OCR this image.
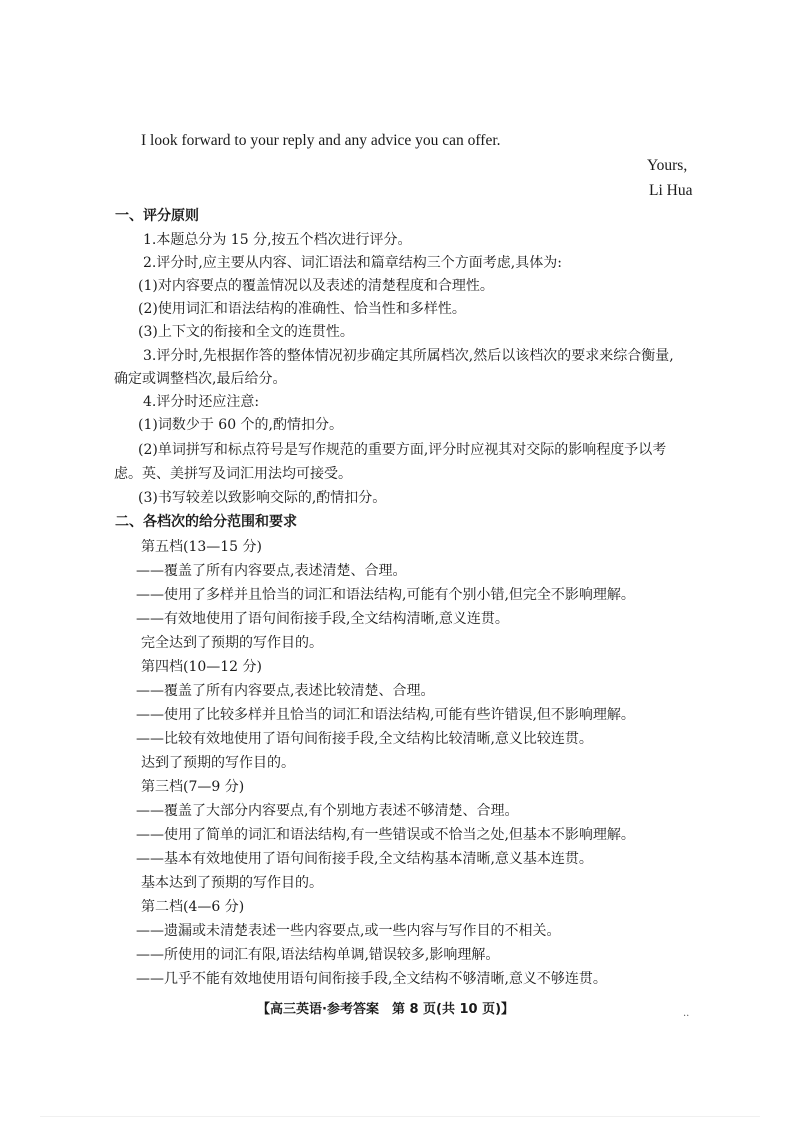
I look forward to your reply and any advice you can offer.
Yours,
Li Hua
一、评分原则
1.本题总分为 15 分,按五个档次进行评分。
2.评分时,应主要从内容、词汇语法和篇章结构三个方面考虑,具体为:
(1)对内容要点的覆盖情况以及表述的清楚程度和合理性。
(2)使用词汇和语法结构的准确性、恰当性和多样性。
(3)上下文的衔接和全文的连贯性。
3.评分时,先根据作答的整体情况初步确定其所属档次,然后以该档次的要求来综合衡量,
确定或调整档次,最后给分。
4.评分时还应注意:
(1)词数少于 60 个的,酌情扣分。
(2)单词拼写和标点符号是写作规范的重要方面,评分时应视其对交际的影响程度予以考
虑。英、美拼写及词汇用法均可接受。
(3)书写较差以致影响交际的,酌情扣分。
二、各档次的给分范围和要求
第五档(13—15 分)
——覆盖了所有内容要点,表述清楚、合理。
——使用了多样并且恰当的词汇和语法结构,可能有个别小错,但完全不影响理解。
——有效地使用了语句间衔接手段,全文结构清晰,意义连贯。
完全达到了预期的写作目的。
第四档(10—12 分)
——覆盖了所有内容要点,表述比较清楚、合理。
——使用了比较多样并且恰当的词汇和语法结构,可能有些许错误,但不影响理解。
——比较有效地使用了语句间衔接手段,全文结构比较清晰,意义比较连贯。
达到了预期的写作目的。
第三档(7—9 分)
——覆盖了大部分内容要点,有个别地方表述不够清楚、合理。
——使用了简单的词汇和语法结构,有一些错误或不恰当之处,但基本不影响理解。
——基本有效地使用了语句间衔接手段,全文结构基本清晰,意义基本连贯。
基本达到了预期的写作目的。
第二档(4—6 分)
——遗漏或未清楚表述一些内容要点,或一些内容与写作目的不相关。
——所使用的词汇有限,语法结构单调,错误较多,影响理解。
——几乎不能有效地使用语句间衔接手段,全文结构不够清晰,意义不够连贯。
【高三英语·参考答案　第 8 页(共 10 页)】	..
